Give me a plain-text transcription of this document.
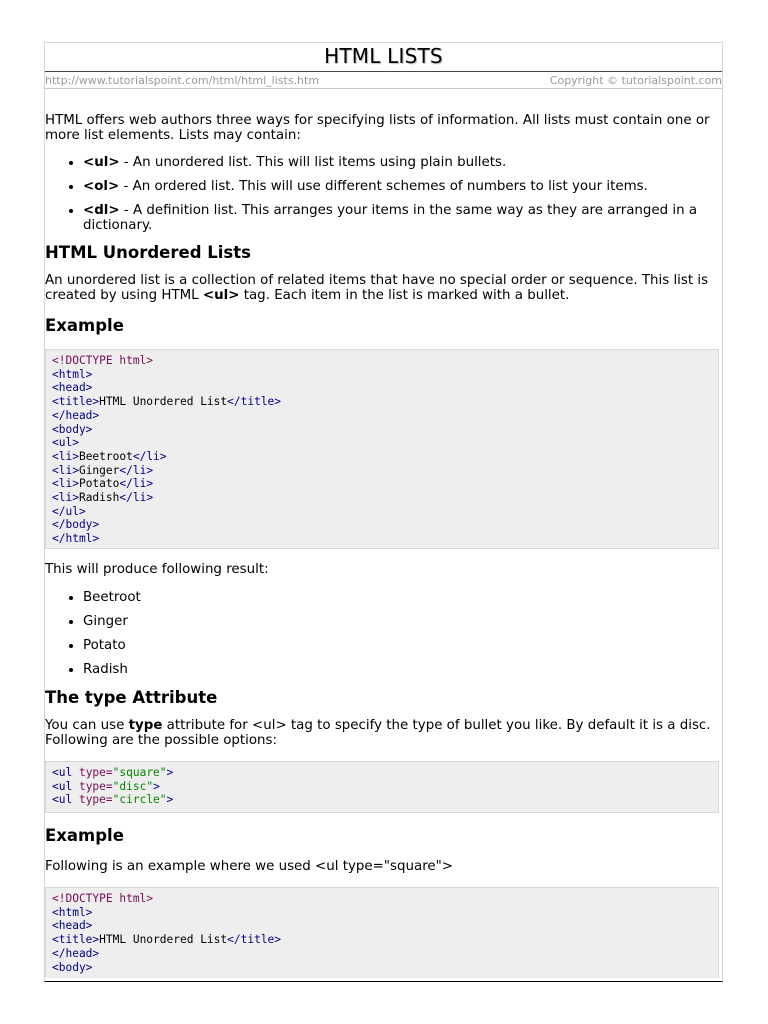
HTML LISTS
http://www.tutorialspoint.com/html/html_lists.htm	Copyright © tutorialspoint.com

HTML offers web authors three ways for specifying lists of information. All lists must contain one or more list elements. Lists may contain:

• <ul> - An unordered list. This will list items using plain bullets.
• <ol> - An ordered list. This will use different schemes of numbers to list your items.
• <dl> - A definition list. This arranges your items in the same way as they are arranged in a dictionary.
HTML Unordered Lists

An unordered list is a collection of related items that have no special order or sequence. This list is created by using HTML <ul> tag. Each item in the list is marked with a bullet.

Example
<!DOCTYPE html>
<html>
<head>
<title>HTML Unordered List</title>
</head>
<body>
<ul>
<li>Beetroot</li>
<li>Ginger</li>
<li>Potato</li>
<li>Radish</li>
</ul>
</body>
</html>

This will produce following result:

• Beetroot
• Ginger
• Potato
• Radish
The type Attribute

You can use type attribute for <ul> tag to specify the type of bullet you like. By default it is a disc. Following are the possible options:

<ul type="square">
<ul type="disc">
<ul type="circle">
Example

Following is an example where we used <ul type="square">

<!DOCTYPE html>
<html>
<head>
<title>HTML Unordered List</title>
</head>
<body>
